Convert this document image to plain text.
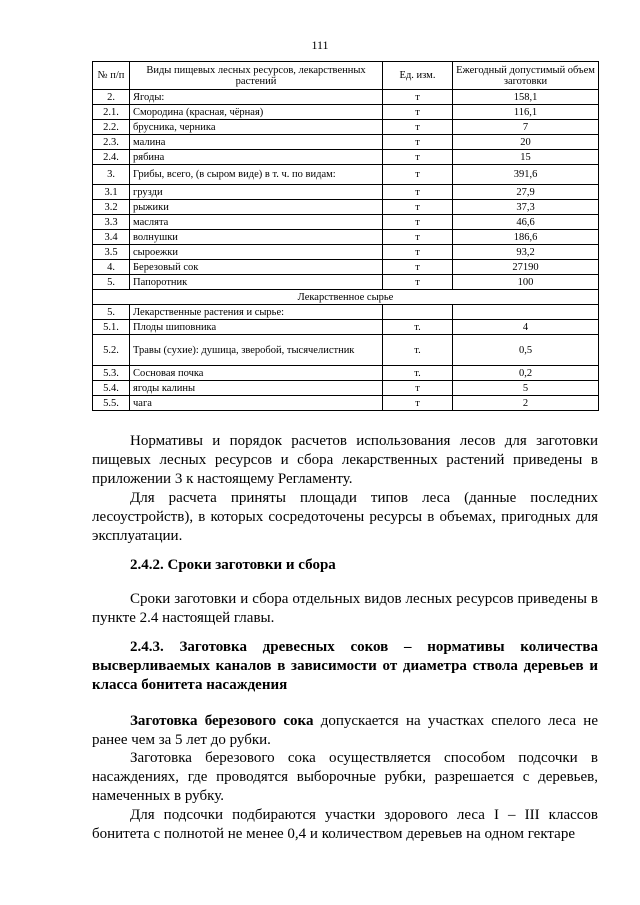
111
№ п/п	Виды пищевых лесных ресурсов, лекарственных растений	Ед. изм.	Ежегодный допустимый объем заготовки
2.	Ягоды:	т	158,1
2.1.	Смородина (красная, чёрная)	т	116,1
2.2.	брусника, черника	т	7
2.3.	малина	т	20
2.4.	рябина	т	15
3.	Грибы, всего, (в сыром виде) в т. ч. по видам:	т	391,6
3.1	грузди	т	27,9
3.2	рыжики	т	37,3
3.3	маслята	т	46,6
3.4	волнушки	т	186,6
3.5	сыроежки	т	93,2
4.	Березовый сок	т	27190
5.	Папоротник	т	100
Лекарственное сырье			
5.	Лекарственные растения и сырье:		
5.1.	Плоды шиповника	т.	4
5.2.	Травы (сухие): душица, зверобой, тысячелистник	т.	0,5
5.3.	Сосновая почка	т.	0,2
5.4.	ягоды калины	т	5
5.5.	чага	т	2

Нормативы и порядок расчетов использования лесов для заготовки пищевых лесных ресурсов и сбора лекарственных растений приведены в приложении 3 к настоящему Регламенту.

Для расчета приняты площади типов леса (данные последних лесоустройств), в которых сосредоточены ресурсы в объемах, пригодных для эксплуатации.

2.4.2. Сроки заготовки и сбора

Сроки заготовки и сбора отдельных видов лесных ресурсов приведены в пункте 2.4 настоящей главы.

2.4.3. Заготовка древесных соков – нормативы количества высверливаемых каналов в зависимости от диаметра ствола деревьев и класса бонитета насаждения

Заготовка березового сока допускается на участках спелого леса не ранее чем за 5 лет до рубки.

Заготовка березового сока осуществляется способом подсочки в насаждениях, где проводятся выборочные рубки, разрешается с деревьев, намеченных в рубку.

Для подсочки подбираются участки здорового леса I – III классов бонитета с полнотой не менее 0,4 и количеством деревьев на одном гектаре
